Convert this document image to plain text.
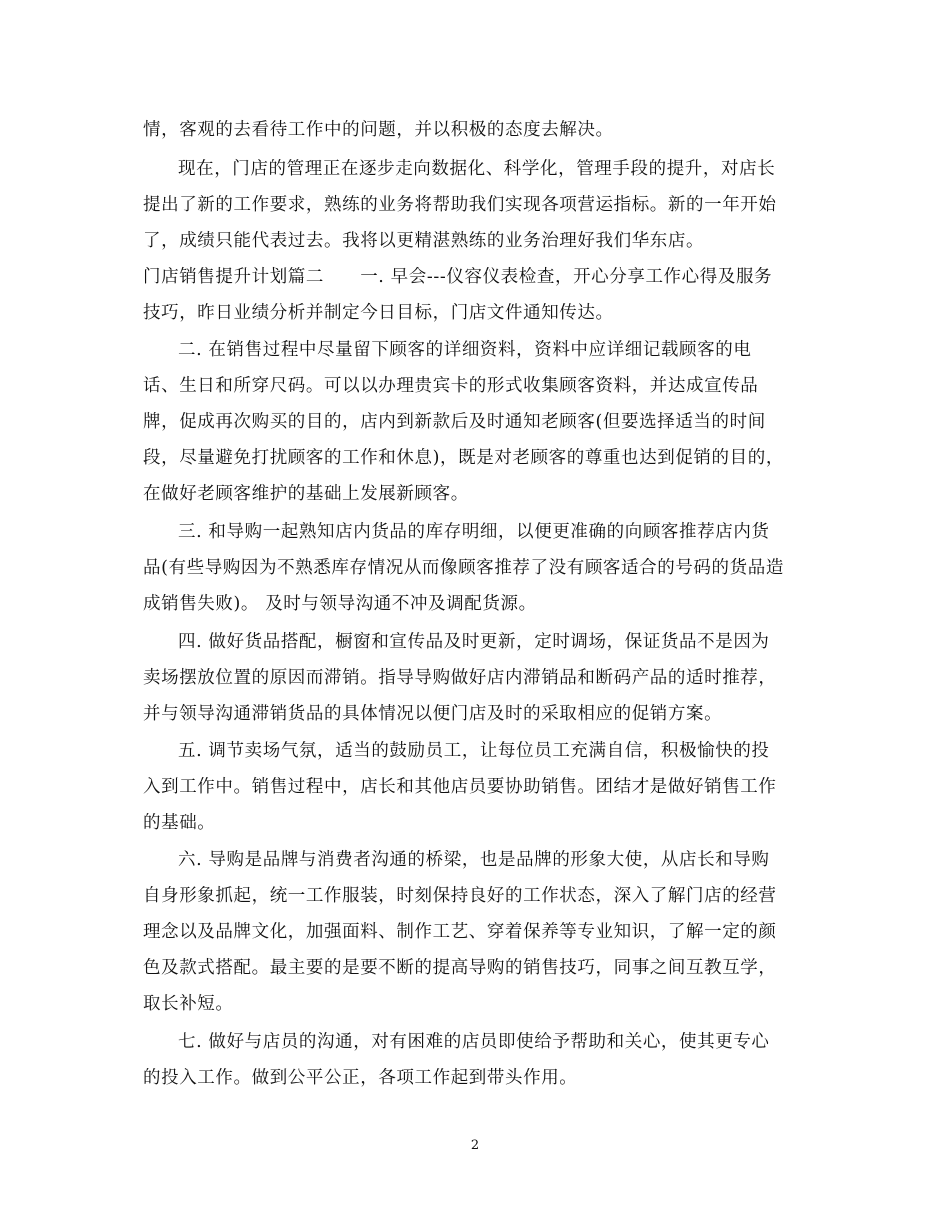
情，客观的去看待工作中的问题，并以积极的态度去解决。
现在，门店的管理正在逐步走向数据化、科学化，管理手段的提升，对店长
提出了新的工作要求，熟练的业务将帮助我们实现各项营运指标。新的一年开始
了，成绩只能代表过去。我将以更精湛熟练的业务治理好我们华东店。
门店销售提升计划篇二　　一. 早会---仪容仪表检查，开心分享工作心得及服务
技巧，昨日业绩分析并制定今日目标，门店文件通知传达。
二. 在销售过程中尽量留下顾客的详细资料，资料中应详细记载顾客的电
话、生日和所穿尺码。可以以办理贵宾卡的形式收集顾客资料，并达成宣传品
牌，促成再次购买的目的，店内到新款后及时通知老顾客(但要选择适当的时间
段，尽量避免打扰顾客的工作和休息)，既是对老顾客的尊重也达到促销的目的，
在做好老顾客维护的基础上发展新顾客。
三. 和导购一起熟知店内货品的库存明细，以便更准确的向顾客推荐店内货
品(有些导购因为不熟悉库存情况从而像顾客推荐了没有顾客适合的号码的货品造
成销售失败)。 及时与领导沟通不冲及调配货源。
四. 做好货品搭配，橱窗和宣传品及时更新，定时调场，保证货品不是因为
卖场摆放位置的原因而滞销。指导导购做好店内滞销品和断码产品的适时推荐，
并与领导沟通滞销货品的具体情况以便门店及时的采取相应的促销方案。
五. 调节卖场气氛，适当的鼓励员工，让每位员工充满自信，积极愉快的投
入到工作中。销售过程中，店长和其他店员要协助销售。团结才是做好销售工作
的基础。
六. 导购是品牌与消费者沟通的桥梁，也是品牌的形象大使，从店长和导购
自身形象抓起，统一工作服装，时刻保持良好的工作状态，深入了解门店的经营
理念以及品牌文化，加强面料、制作工艺、穿着保养等专业知识，了解一定的颜
色及款式搭配。最主要的是要不断的提高导购的销售技巧，同事之间互教互学，
取长补短。
七. 做好与店员的沟通，对有困难的店员即使给予帮助和关心，使其更专心
的投入工作。做到公平公正，各项工作起到带头作用。
2
